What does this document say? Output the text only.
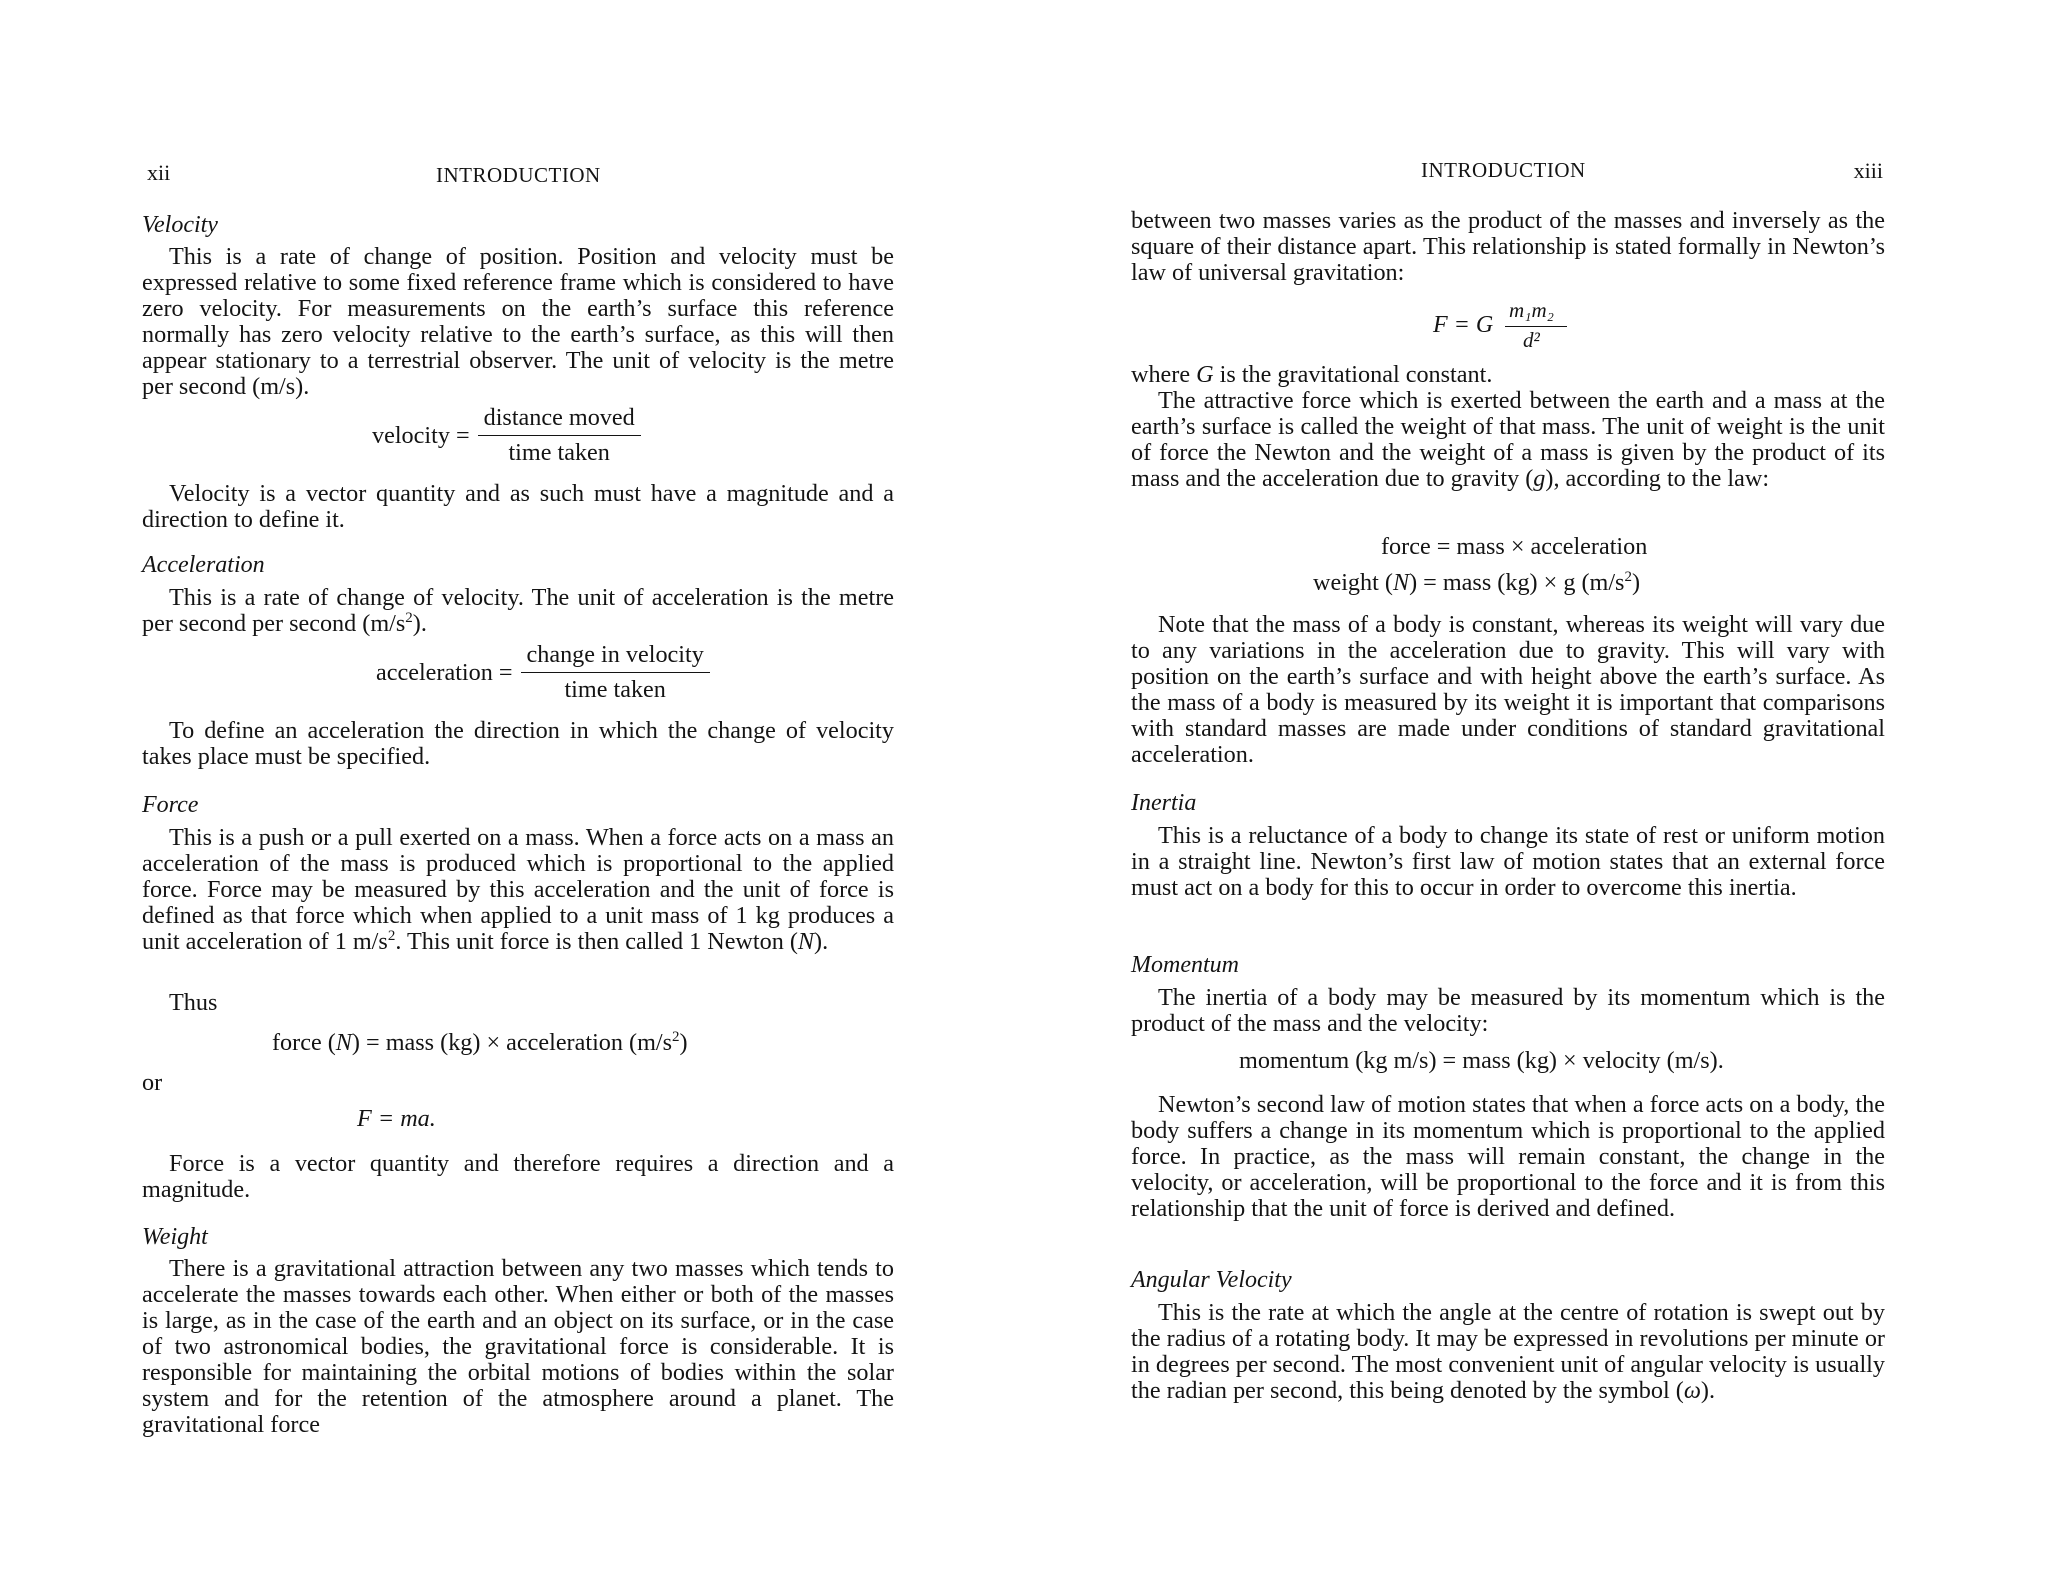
xii	INTRODUCTION
Velocity

This is a rate of change of position. Position and velocity must be expressed relative to some fixed reference frame which is considered to have zero velocity. For measurements on the earth’s surface this reference normally has zero velocity relative to the earth’s surface, as this will then appear stationary to a terrestrial observer. The unit of velocity is the metre per second (m/s).

velocity = $\frac{\text{distance moved}}{\text{time taken}}$

Velocity is a vector quantity and as such must have a magnitude and a direction to define it.

Acceleration

This is a rate of change of velocity. The unit of acceleration is the metre per second per second $(m/s^2)$.

acceleration = $\frac{\text{change in velocity}}{\text{time taken}}$

To define an acceleration the direction in which the change of velocity takes place must be specified.

Force

This is a push or a pull exerted on a mass. When a force acts on a mass an acceleration of the mass is produced which is proportional to the applied force. Force may be measured by this acceleration and the unit of force is defined as that force which when applied to a unit mass of 1 kg produces a unit acceleration of 1 $m/s^2$. This unit force is then called 1 Newton (N).

Thus
force (N) = mass (kg) × acceleration $(m/s^2)$
or
F = ma.

Force is a vector quantity and therefore requires a direction and a magnitude.

Weight

There is a gravitational attraction between any two masses which tends to accelerate the masses towards each other. When either or both of the masses is large, as in the case of the earth and an object on its surface, or in the case of two astronomical bodies, the gravitational force is considerable. It is responsible for maintaining the orbital motions of bodies within the solar system and for the retention of the atmosphere around a planet. The gravitational force

INTRODUCTION	xiii

between two masses varies as the product of the masses and inversely as the square of their distance apart. This relationship is stated formally in Newton’s law of universal gravitation:

F = G
m₁m₂
d²

where G is the gravitational constant.

The attractive force which is exerted between the earth and a mass at the earth’s surface is called the weight of that mass. The unit of weight is the unit of force the Newton and the weight of a mass is given by the product of its mass and the acceleration due to gravity (g), according to the law:

force = mass × acceleration
weight (N) = mass (kg) × g $(m/s^2)$

Note that the mass of a body is constant, whereas its weight will vary due to any variations in the acceleration due to gravity. This will vary with position on the earth’s surface and with height above the earth’s surface. As the mass of a body is measured by its weight it is important that comparisons with standard masses are made under conditions of standard gravitational acceleration.

Inertia

This is a reluctance of a body to change its state of rest or uniform motion in a straight line. Newton’s first law of motion states that an external force must act on a body for this to occur in order to overcome this inertia.

Momentum

The inertia of a body may be measured by its momentum which is the product of the mass and the velocity:

momentum (kg m/s) = mass (kg) × velocity (m/s).

Newton’s second law of motion states that when a force acts on a body, the body suffers a change in its momentum which is proportional to the applied force. In practice, as the mass will remain constant, the change in the velocity, or acceleration, will be proportional to the force and it is from this relationship that the unit of force is derived and defined.

Angular Velocity

This is the rate at which the angle at the centre of rotation is swept out by the radius of a rotating body. It may be expressed in revolutions per minute or in degrees per second. The most convenient unit of angular velocity is usually the radian per second, this being denoted by the symbol (ω).
